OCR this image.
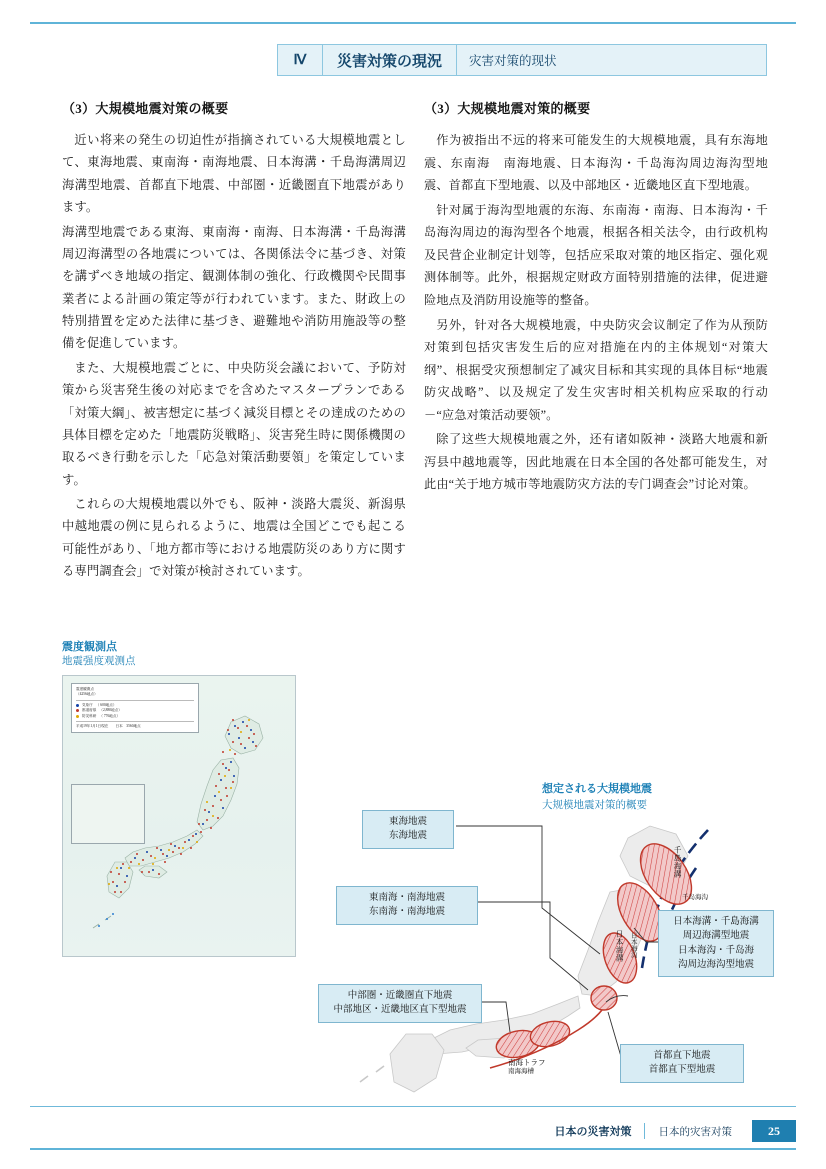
Ⅳ	災害対策の現況	灾害对策的现状
（3）大規模地震対策の概要

近い将来の発生の切迫性が指摘されている大規模地震として、東海地震、東南海・南海地震、日本海溝・千島海溝周辺海溝型地震、首都直下地震、中部圏・近畿圏直下地震があります。

海溝型地震である東海、東南海・南海、日本海溝・千島海溝周辺海溝型の各地震については、各関係法令に基づき、対策を講ずべき地域の指定、観測体制の強化、行政機関や民間事業者による計画の策定等が行われています。また、財政上の特別措置を定めた法律に基づき、避難地や消防用施設等の整備を促進しています。

また、大規模地震ごとに、中央防災会議において、予防対策から災害発生後の対応までを含めたマスタープランである「対策大綱」、被害想定に基づく減災目標とその達成のための具体目標を定めた「地震防災戦略」、災害発生時に関係機関の取るべき行動を示した「応急対策活動要領」を策定しています。

これらの大規模地震以外でも、阪神・淡路大震災、新潟県中越地震の例に見られるように、地震は全国どこでも起こる可能性があり、「地方都市等における地震防災のあり方に関する専門調査会」で対策が検討されています。

（3）大规模地震对策的概要

作为被指出不远的将来可能发生的大规模地震，具有东海地震、东南海　南海地震、日本海沟・千岛海沟周边海沟型地震、首都直下型地震、以及中部地区・近畿地区直下型地震。

针对属于海沟型地震的东海、东南海・南海、日本海沟・千岛海沟周边的海沟型各个地震，根据各相关法令，由行政机构及民营企业制定计划等，包括应采取对策的地区指定、强化观测体制等。此外，根据规定财政方面特别措施的法律，促进避险地点及消防用设施等的整备。

另外，针对各大规模地震，中央防灾会议制定了作为从预防对策到包括灾害发生后的应对措施在内的主体规划“对策大纲”、根据受灾预想制定了减灾目标和其实现的具体目标“地震防灾战略”、以及规定了发生灾害时相关机构应采取的行动－“应急对策活动要领”。

除了这些大规模地震之外，还有诸如阪神・淡路大地震和新泻县中越地震等，因此地震在日本全国的各处都可能发生，对此由“关于地方城市等地震防灾方法的专门调查会”讨论对策。

震度観測点
地震强度观测点
震度観測点
（4256地点）
気象庁 （ 600地点）
都道府県 （2,880地点）
防災科研 （ 776地点）
平成19年1月1日現在　　日本　3560地点
想定される大規模地震
大规模地震对策的概要
東海地震
东海地震
東南海・南海地震
东南海・南海地震
中部圏・近畿圏直下地震
中部地区・近畿地区直下型地震
首都直下地震
首都直下型地震
日本海溝・千島海溝
周辺海溝型地震
日本海沟・千岛海
沟周边海沟型地震
千島海溝
千岛海沟
日本海溝 日本海沟
南海トラフ
南海海槽
日本の災害対策	日本的灾害对策	25
